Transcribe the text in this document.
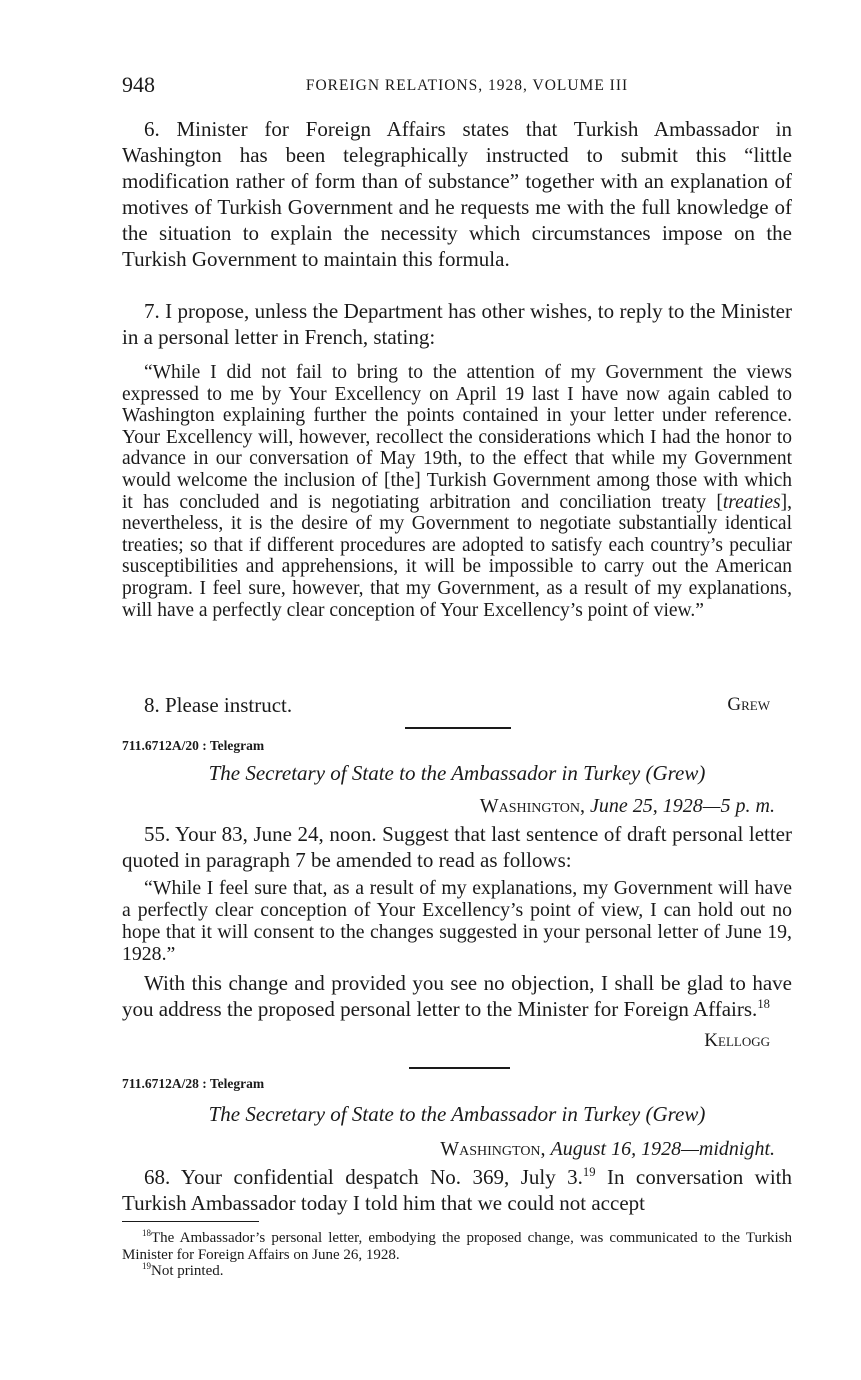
948	FOREIGN RELATIONS, 1928, VOLUME III

6. Minister for Foreign Affairs states that Turkish Ambassador in Washington has been telegraphically instructed to submit this “little modification rather of form than of substance” together with an explanation of motives of Turkish Government and he requests me with the full knowledge of the situation to explain the necessity which circumstances impose on the Turkish Government to maintain this formula.

7. I propose, unless the Department has other wishes, to reply to the Minister in a personal letter in French, stating:

“While I did not fail to bring to the attention of my Government the views expressed to me by Your Excellency on April 19 last I have now again cabled to Washington explaining further the points contained in your letter under reference. Your Excellency will, however, recollect the considerations which I had the honor to advance in our conversation of May 19th, to the effect that while my Government would welcome the inclusion of [the] Turkish Government among those with which it has concluded and is negotiating arbitration and conciliation treaty [treaties], nevertheless, it is the desire of my Government to negotiate substantially identical treaties; so that if different procedures are adopted to satisfy each country’s peculiar susceptibilities and apprehensions, it will be impossible to carry out the American program. I feel sure, however, that my Government, as a result of my explanations, will have a perfectly clear conception of Your Excellency’s point of view.”

8. Please instruct.	Grew
711.6712A/20 : Telegram
The Secretary of State to the Ambassador in Turkey (Grew)
Washington, June 25, 1928—5 p. m.

55. Your 83, June 24, noon. Suggest that last sentence of draft personal letter quoted in paragraph 7 be amended to read as follows:

“While I feel sure that, as a result of my explanations, my Government will have a perfectly clear conception of Your Excellency’s point of view, I can hold out no hope that it will consent to the changes suggested in your personal letter of June 19, 1928.”

With this change and provided you see no objection, I shall be glad to have you address the proposed personal letter to the Minister for Foreign Affairs.$^{18}$

Kellogg
711.6712A/28 : Telegram
The Secretary of State to the Ambassador in Turkey (Grew)
Washington, August 16, 1928—midnight.

68. Your confidential despatch No. 369, July 3.19 In conversation with Turkish Ambassador today I told him that we could not accept

$^{18}$The Ambassador’s personal letter, embodying the proposed change, was communicated to the Turkish Minister for Foreign Affairs on June 26, 1928.

$^{19}$Not printed.
